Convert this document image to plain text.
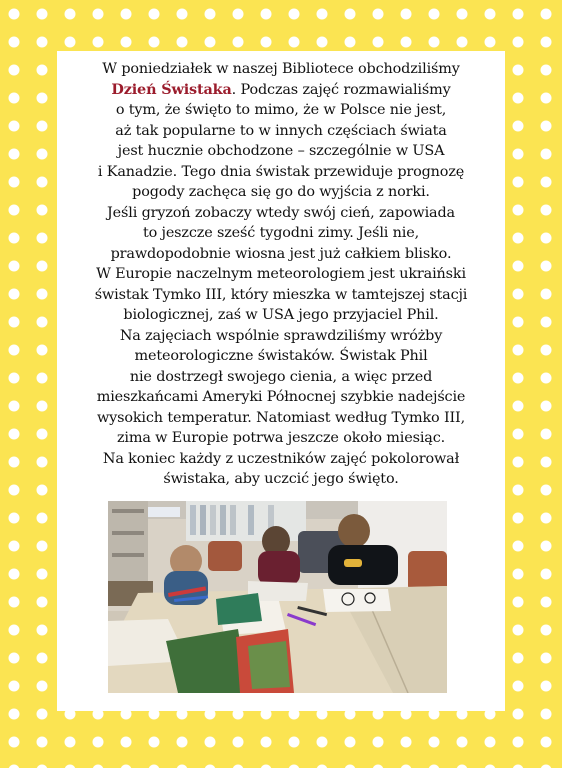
W poniedziałek w naszej Bibliotece obchodziliśmy
Dzień Świstaka. Podczas zajęć rozmawialiśmy
o tym, że święto to mimo, że w Polsce nie jest,
aż tak popularne to w innych częściach świata
jest hucznie obchodzone – szczególnie w USA
i Kanadzie. Tego dnia świstak przewiduje prognozę
pogody zachęca się go do wyjścia z norki.
Jeśli gryzoń zobaczy wtedy swój cień, zapowiada
to jeszcze sześć tygodni zimy. Jeśli nie,
prawdopodobnie wiosna jest już całkiem blisko.
W Europie naczelnym meteorologiem jest ukraiński
świstak Tymko III, który mieszka w tamtejszej stacji
biologicznej, zaś w USA jego przyjaciel Phil.
Na zajęciach wspólnie sprawdziliśmy wróżby
meteorologiczne świstaków. Świstak Phil
nie dostrzegł swojego cienia, a więc przed
mieszkańcami Ameryki Północnej szybkie nadejście
wysokich temperatur. Natomiast według Tymko III,
zima w Europie potrwa jeszcze około miesiąc.
Na koniec każdy z uczestników zajęć pokolorował
świstaka, aby uczcić jego święto.
